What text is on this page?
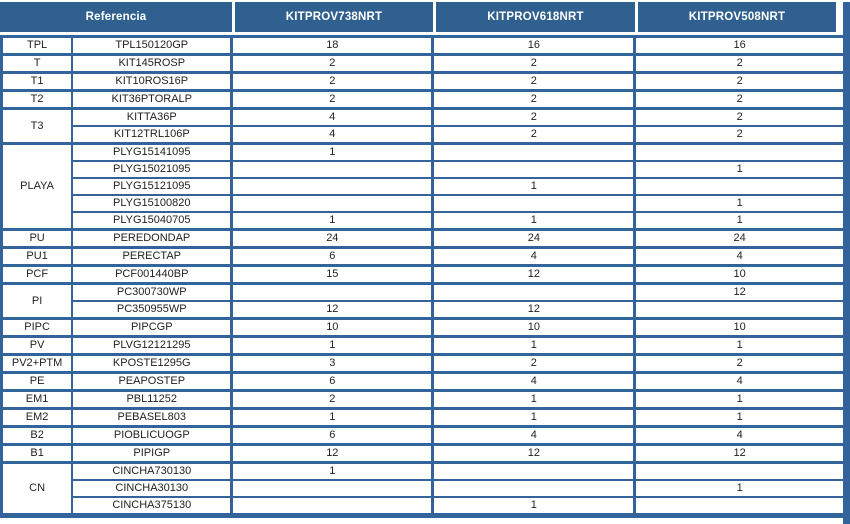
Referencia	KITPROV738NRT	KITPROV618NRT	KITPROV508NRT
TPL	TPL150120GP	18	16	16
T	KIT145ROSP	2	2	2
T1	KIT10ROS16P	2	2	2
T2	KIT36PTORALP	2	2	2
T3	KITTA36P	4	2	2
	KIT12TRL106P	4	2	2
PLAYA	PLYG15141095	1		
	PLYG15021095			1
	PLYG15121095		1	
	PLYG15100820			1
	PLYG15040705	1	1	1
PU	PEREDONDAP	24	24	24
PU1	PERECTAP	6	4	4
PCF	PCF001440BP	15	12	10
PI	PC300730WP			12
	PC350955WP	12	12	
PIPC	PIPCGP	10	10	10
PV	PLVG12121295	1	1	1
PV2+PTM	KPOSTE1295G	3	2	2
PE	PEAPOSTEP	6	4	4
EM1	PBL11252	2	1	1
EM2	PEBASEL803	1	1	1
B2	PIOBLICUOGP	6	4	4
B1	PIPIGP	12	12	12
CN	CINCHA730130	1		
	CINCHA30130			1
	CINCHA375130		1	
